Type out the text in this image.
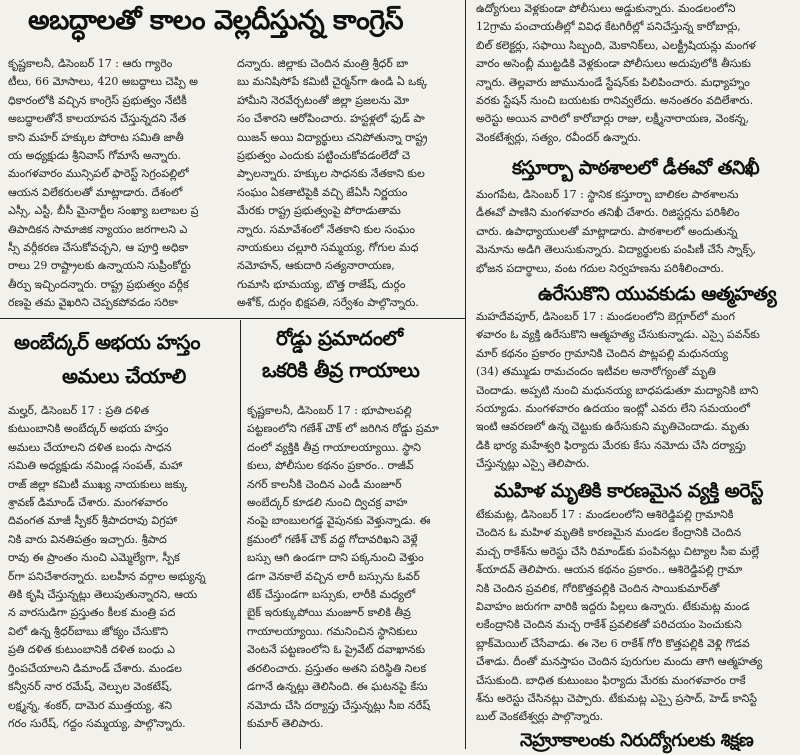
అబద్ధాలతో కాలం వెల్లదీస్తున్న కాంగ్రెస్
కృష్ణకాలనీ, డిసెంబర్ 17 : ఆరు గ్యారెం
టీలు, 66 మోసాలు, 420 అబద్ధాలు చెప్పి అ
ధికారంలోకి వచ్చిన కాంగ్రెస్ ప్రభుత్వం నేటికీ
అబద్ధాలతోనే కాలయాపన చేస్తున్నదని నేత
కాని మహర్ హక్కుల పోరాట సమితి జాతీ
య అధ్యక్షుడు శ్రీనివాస్ గోమాసే అన్నారు.
మంగళవారం మున్సిపల్ ఫారెస్ట్ సెగ్రంపల్లిలో
ఆయన విలేకరులతో మాట్లాడారు. దేశంలో
ఎస్సీ, ఎస్టీ, బీసీ మైనార్టీల సంఖ్యా బలాబల ప్ర
తిపాదికన సామాజిక న్యాయం జరగాలని ఎ
స్సీ వర్గీకరణ చేసుకోవచ్చని, ఆ పూర్తి అధికా
రాలు 29 రాష్ట్రాలకు ఉన్నాయని సుప్రీంకోర్టు
తీర్పు ఇచ్చిందన్నారు. రాష్ట్ర ప్రభుత్వం వర్గీక
రణపై తమ వైఖరిని చెప్పకపోవడం సరికా
దన్నారు. జిల్లాకు చెందిన మంత్రి శ్రీధర్ బా
బు మనిషిసోపే కమిటీ చైర్మన్‌గా ఉండి ఏ ఒక్క
హామీని నెరవేర్చటంతో జిల్లా ప్రజలను మో
సం చేశారని ఆరోపించారు. హస్టళ్లలో ఫుడ్ పా
యిజన్ అయి విద్యార్థులు చనిపోతున్నా రాష్ట్ర
ప్రభుత్వం ఎందుకు పట్టించుకోవడంలేదో చె
ప్పాలన్నారు. హక్కుల సాధనకు నేతకాని కుల
సంఘం ఏకతాటిపైకి వచ్చి జేఏసీ నిర్ణయం
మేరకు రాష్ట్ర ప్రభుత్వంపై పోరాడుతామ
న్నారు. సమావేశంలో నేతకాని కుల సంఘం
నాయకులు చల్లూరి సమ్మయ్య, గోగుల మధ
నమోహన్, ఆకుదారి సత్యనారాయణ,
గుమాసి భూమయ్య, బొత్త రాజేష్, దుర్గం
అశోక్, దుర్గం భిక్షపతి, సర్వేశం పాల్గొన్నారు.
అంబేద్కర్ అభయ హస్తం
అమలు చేయాలి
మల్హర్, డిసెంబర్ 17 : ప్రతి దళిత
కుటుంబానికి అంబేద్కర్ అభయ హస్తం
అమలు చేయాలని దళిత బంధు సాధన
సమితి అధ్యక్షుడు నమిండ్ల సంపత్, మహా
రాజ్ జిల్లా కమిటీ ముఖ్య నాయకులు జక్కు
శ్రావణ్ డిమాండ్ చేశారు. మంగళవారం
దివంగత మాజీ స్పీకర్ శ్రీపాదరావు విగ్రహా
నికి వారు వినతిపత్రం ఇచ్చారు. శ్రీపాద
రావు ఈ ప్రాంతం నుంచి ఎమ్మెల్యేగా, స్పీక
ర్‌గా పనిచేశారన్నారు. బలహీన వర్గాల అభ్యున్న
తికి కృషి చేస్తున్నట్లు తెలుపుతున్నారని, ఆయ
న వారసుడిగా ప్రస్తుతం కీలక మంత్రి పద
విలో ఉన్న శ్రీధర్‌బాబు జోక్యం చేసుకొని
ప్రతి దళిత కుటుంబానికి దళిత బంధు ఎ
ర్తింపచేయాలని డిమాండ్ చేశారు. మండల
కన్వీనర్ నార రమేష్, వెల్పుల వెంకటేష్,
లక్ష్మన్న, శంకర్, దామెర ముత్తయ్య, శని
గరం సురేష్, గద్దం సమ్మయ్య, పాల్గొన్నారు.
రోడ్డు ప్రమాదంలో
ఒకరికి తీవ్ర గాయాలు
కృష్ణకాలనీ, డిసెంబర్ 17 : భూపాలపల్లి
పట్టణంలోని గణేశ్ చౌక్ లో జరిగిన రోడ్డు ప్రమా
దంలో వ్యక్తికి తీవ్ర గాయాలయ్యాయి. స్థాని
కులు, పోలీసుల కథనం ప్రకారం.. రాజీవ్
నగర్ కాలనీకి చెందిన ఎండీ మంజూర్
అంబేద్కర్ కూడలి నుంచి ద్విచక్ర వాహ
నంపై బాంబులగడ్డ వైపునకు వెళ్తున్నాడు. ఈ
క్రమంలో గణేశ్ చౌక్ వద్ద గోదావరిఖని వెళ్లే
బస్సు ఆగి ఉండగా దాని పక్కనుంచి వెళ్తుం
డగా వెనకాలే వచ్చిన లారీ బస్సును ఓవర్
టేక్ చేస్తుండగా బస్సుకు, లారీకి మధ్యలో
బైక్ ఇరుక్కుపోయి మంజూర్ కాలికి తీవ్ర
గాయాలయ్యాయి. గమనించిన స్థానికులు
వెంటనే పట్టణంలోని ఓ ప్రైవేట్ దవాఖానకు
తరలించారు. ప్రస్తుతం అతని పరిస్థితి నిలక
డగానే ఉన్నట్లు తెలిసింది. ఈ ఘటనపై కేసు
నమోదు చేసి దర్యాప్తు చేస్తున్నట్లు సీఐ నరేష్
కుమార్ తెలిపారు.
ఉద్యోగులు వెళ్లకుండా పోలీసులు అడ్డుకున్నారు. మండలంలోని
12గ్రామ పంచాయతీల్లో వివిధ కేటగిరీల్లో పనిచేస్తున్న కారోబార్లు,
బిల్ కలెక్టర్లు, సఫాయి సిబ్బంది, మెకానిక్‌లు, ఎలక్ట్రీషియన్లు మంగళ
వారం అసెంబ్లీ ముట్టడికి వెళ్లకుండా పోలీసులు అదుపులోకి తీసుకు
న్నారు. తెల్లవారు జామునుండే స్టేషన్‌కు పిలిపించారు. మధ్యాహ్నం
వరకు స్టేషన్ నుంచి బయటకు రానివ్వలేదు. అనంతరం వదిలేశారు.
అరెస్టు అయిన వారిలో కారోబార్లు రాజు, లక్ష్మీనారాయణ, వెంకన్న,
వెంకటేశ్వర్లు, సత్యం, రవీందర్ ఉన్నారు.
కస్తూర్బా పాఠశాలలో డీఈవో తనిఖీ
మంగపేట, డిసెంబర్ 17 : స్థానిక కస్తూర్బా బాలికల పాఠశాలను
డీఈవో పాణిని మంగళవారం తనిఖీ చేశారు. రిజిస్టర్లను పరిశీలిం
చారు. ఉపాధ్యాయులతో మాట్లాడారు. పాఠశాలలో అందుతున్న
మెనూను అడిగి తెలుసుకున్నారు. విద్యార్థులకు పంపిణీ చేసే స్నాక్స్,
భోజన పదార్థాలు, వంట గదుల నిర్వహణను పరిశీలించారు.
ఉరేసుకొని యువకుడు ఆత్మహత్య
మహదేవపూర్, డిసెంబర్ 17 : మండలంలోని బెగ్లూర్‌లో మంగ
ళవారం ఓ వ్యక్తి ఉరేసుకొని ఆత్మహత్య చేసుకున్నాడు. ఎస్సై పవన్‌కు
మార్ కథనం ప్రకారం గ్రామానికి చెందిన పొట్లపల్లి మధునయ్య
(34) తమ్ముడు రామచందం ఇటీవల అనారోగ్యంతో మృతి
చెందాడు. అప్పటి నుంచి మధునయ్య బాధపడుతూ మద్యానికి బాని
సయ్యాడు. మంగళవారం ఉదయం ఇంట్లో ఎవరు లేని సమయంలో
ఇంటి ఆవరణలో ఉన్న చెట్టుకు ఉరేసుకుని మృతిచెందాడు. మృతు
డికి భార్య మహేశ్వరి ఫిర్యాదు మేరకు కేసు నమోదు చేసి దర్యాప్తు
చేస్తున్నట్లు ఎస్సై తెలిపారు.
మహిళ మృతికి కారణమైన వ్యక్తి అరెస్ట్
టేకుమట్ల, డిసెంబర్ 17 : మండలంలోని ఆశిరెడ్డిపల్లి గ్రామానికి
చెందిన ఓ మహిళ మృతికి కారణమైన మండల కేంద్రానికి చెందిన
మచ్చ రాకేశ్‌ను అరెస్టు చేసి రిమాండ్‌కు పంపినట్లు చిట్యాల సీఐ మల్లే
శ్‌యాదవ్ తెలిపారు. ఆయన కథనం ప్రకారం.. ఆశిరెడ్డిపల్లి గ్రామా
నికి చెందిన ప్రవలిక, గోరికొత్తపల్లికి చెందిన సాయికుమార్‌తో
వివాహం జరుగగా వారికి ఇద్దరు పిల్లలు ఉన్నారు. టేకుమట్ల మండ
లకేంద్రానికి చెందిన మచ్చ రాకేశ్ ప్రవలికతో పరిచయం పెంచుకుని
బ్లాక్‌మెయిల్ చేసేవాడు. ఈ నెల 6 రాకేశ్ గోరి కొత్తపల్లికి వెళ్లి గొడవ
చేశాడు. దీంతో మనస్తాపం చెందిన పురుగుల మందు తాగి ఆత్మహత్య
చేసుకుంది. బాధిత కుటుంబం ఫిర్యాదు మేరకు మంగళవారం రాకే
శ్‌ను అరెస్టు చేసినట్లు చెప్పారు. టేకుమట్ల ఎస్సై ప్రసాద్, హెడ్ కానిస్టే
బుల్ వెంకటేశ్వర్లు పాల్గొన్నారు.
నెహ్రూకాలంకు నిరుద్యోగులకు శిక్షణ
